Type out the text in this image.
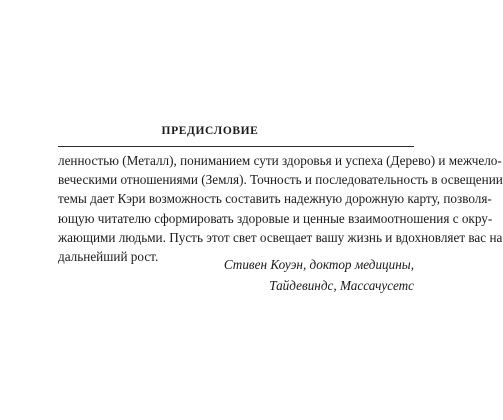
ПРЕДИСЛОВИЕ
ленностью (Металл), пониманием сути здоровья и успеха (Дерево) и межчело-
веческими отношениями (Земля). Точность и последовательность в освещении
темы дает Кэри возможность составить надежную дорожную карту, позволя-
ющую читателю сформировать здоровые и ценные взаимоотношения с окру-
жающими людьми. Пусть этот свет освещает вашу жизнь и вдохновляет вас на
дальнейший рост.
Стивен Коуэн, доктор медицины,
Тайдевиндс, Массачусетс
